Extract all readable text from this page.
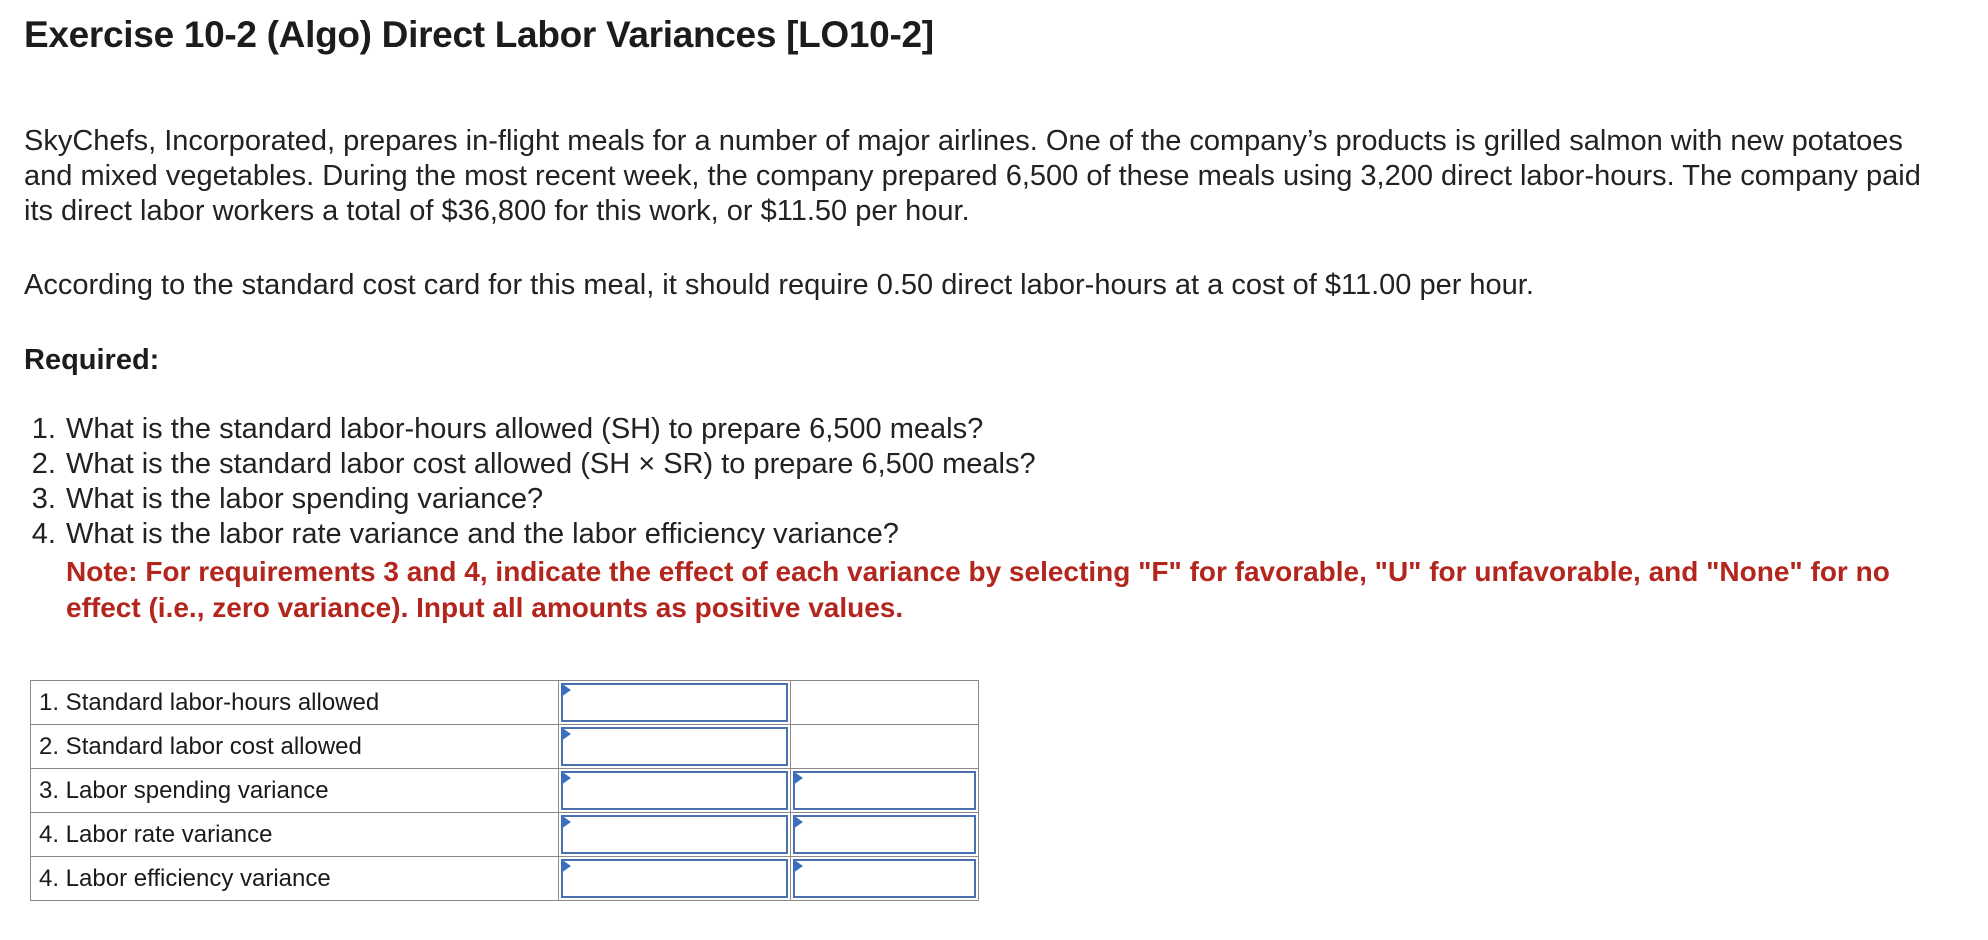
Exercise 10-2 (Algo) Direct Labor Variances [LO10-2]

SkyChefs, Incorporated, prepares in-flight meals for a number of major airlines. One of the company’s products is grilled salmon with new potatoes and mixed vegetables. During the most recent week, the company prepared 6,500 of these meals using 3,200 direct labor-hours. The company paid its direct labor workers a total of $36,800 for this work, or $11.50 per hour.

According to the standard cost card for this meal, it should require 0.50 direct labor-hours at a cost of $11.00 per hour.

Required:

1. What is the standard labor-hours allowed (SH) to prepare 6,500 meals?
2. What is the standard labor cost allowed (SH × SR) to prepare 6,500 meals?
3. What is the labor spending variance?
4. What is the labor rate variance and the labor efficiency variance?
Note: For requirements 3 and 4, indicate the effect of each variance by selecting "F" for favorable, "U" for unfavorable, and "None" for no effect (i.e., zero variance). Input all amounts as positive values.
1. Standard labor-hours allowed	

2. Standard labor cost allowed	

3. Labor spending variance	

4. Labor rate variance	

4. Labor efficiency variance	
